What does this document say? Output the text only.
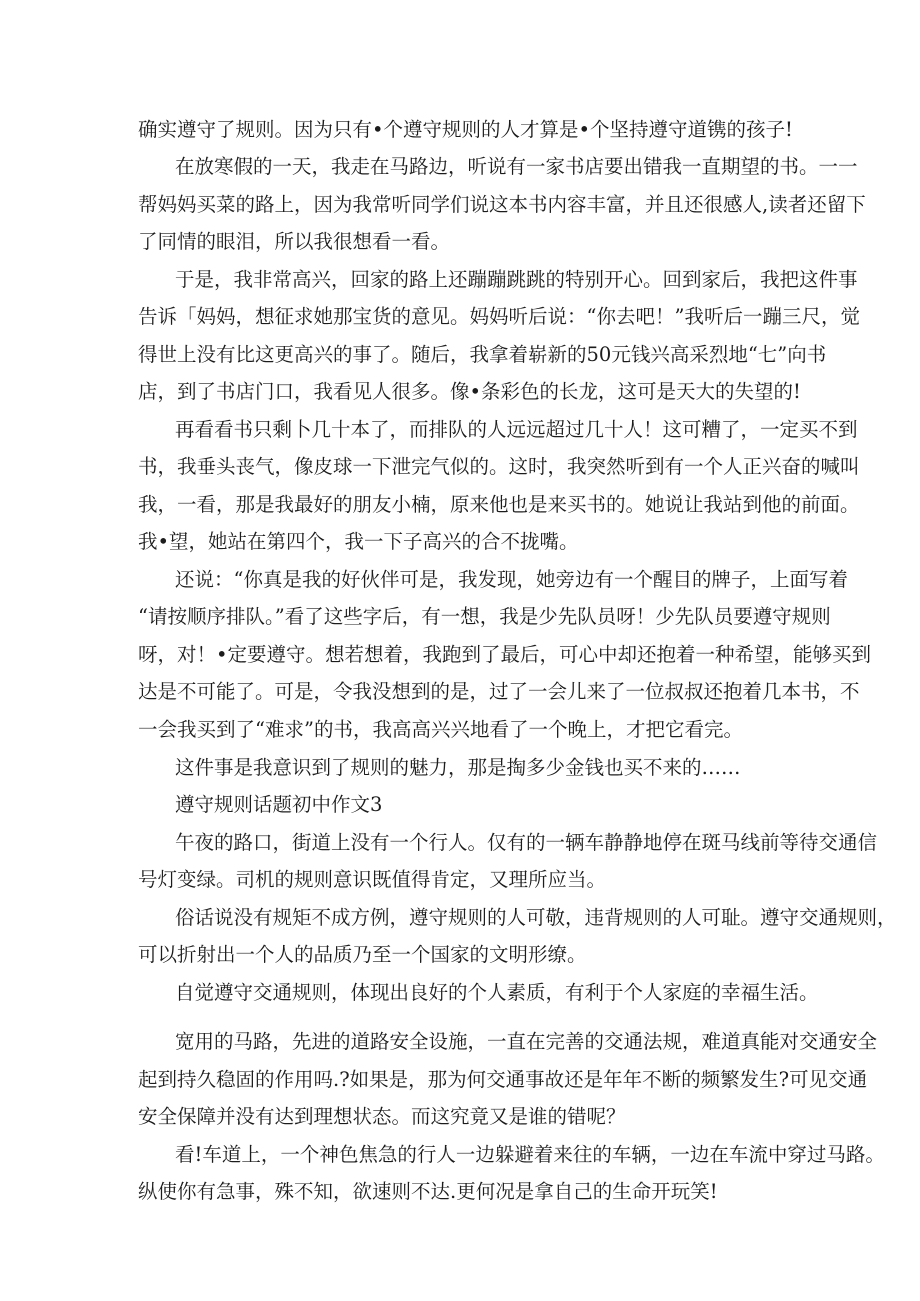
确实遵守了规则。因为只有•个遵守规则的人才算是•个坚持遵守道镌的孩子!
在放寒假的一天，我走在马路边，听说有一家书店要出错我一直期望的书。一一
帮妈妈买菜的路上，因为我常听同学们说这本书内容丰富，并且还很感人,读者还留下
了同情的眼泪，所以我很想看一看。
于是，我非常高兴，回家的路上还蹦蹦跳跳的特别开心。回到家后，我把这件事
告诉「妈妈，想征求她那宝货的意见。妈妈听后说：“你去吧！”我听后一蹦三尺，觉
得世上没有比这更高兴的事了。随后，我拿着崭新的50元钱兴高采烈地“七”向书
店，到了书店门口，我看见人很多。像•条彩色的长龙，这可是天大的失望的!
再看看书只剩卜几十本了，而排队的人远远超过几十人！这可糟了，一定买不到
书，我垂头丧气，像皮球一下泄完气似的。这时，我突然听到有一个人正兴奋的喊叫
我，一看，那是我最好的朋友小楠，原来他也是来买书的。她说让我站到他的前面。
我•望，她站在第四个，我一下子高兴的合不拢嘴。
还说：“你真是我的好伙伴可是，我发现，她旁边有一个醒目的牌子，上面写着
“请按顺序排队。”看了这些字后，有一想，我是少先队员呀！少先队员要遵守规则
呀，对！•定要遵守。想若想着，我跑到了最后，可心中却还抱着一种希望，能够买到
达是不可能了。可是，令我没想到的是，过了一会儿来了一位叔叔还抱着几本书，不
一会我买到了“难求”的书，我高高兴兴地看了一个晚上，才把它看完。
这件事是我意识到了规则的魅力，那是掏多少金钱也买不来的……
遵守规则话题初中作文3
午夜的路口，街道上没有一个行人。仅有的一辆车静静地停在斑马线前等待交通信
号灯变绿。司机的规则意识既值得肯定，又理所应当。
俗话说没有规矩不成方例，遵守规则的人可敬，违背规则的人可耻。遵守交通规则，
可以折射出一个人的品质乃至一个国家的文明形缭。
自觉遵守交通规则，体现出良好的个人素质，有利于个人家庭的幸福生活。
宽用的马路，先进的道路安全设施，一直在完善的交通法规，难道真能对交通安全
起到持久稳固的作用吗.?如果是，那为何交通事故还是年年不断的频繁发生?可见交通
安全保障并没有达到理想状态。而这究竟又是谁的错呢？
看!车道上，一个神色焦急的行人一边躲避着来往的车辆，一边在车流中穿过马路。
纵使你有急事，殊不知，欲速则不达.更何况是拿自己的生命开玩笑!
